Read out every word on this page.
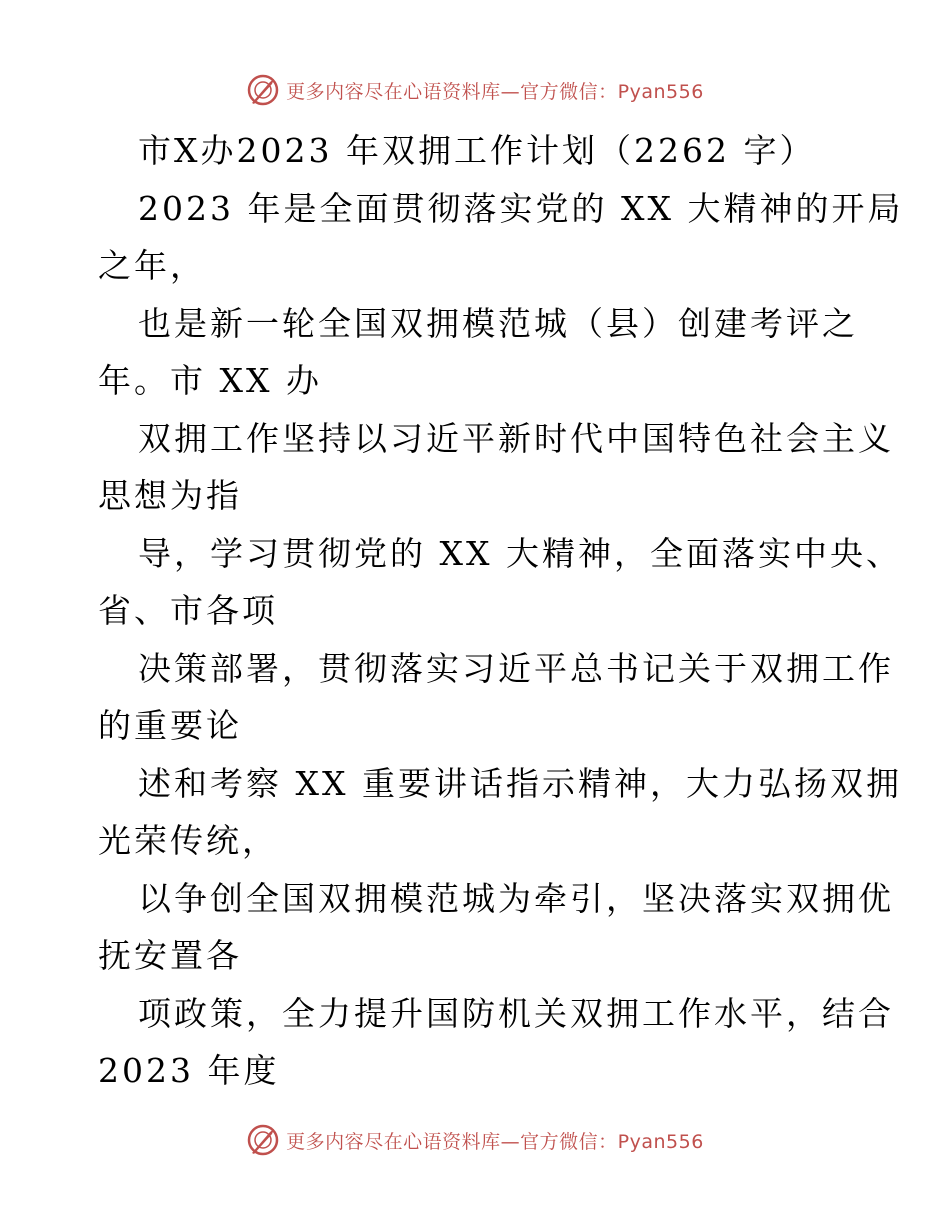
更多内容尽在心语资料库—官方微信：Pyan556

市X办2023 年双拥工作计划（2262 字）

2023 年是全面贯彻落实党的 XX 大精神的开局

之年，

也是新一轮全国双拥模范城（县）创建考评之

年。市 XX 办

双拥工作坚持以习近平新时代中国特色社会主义

思想为指

导，学习贯彻党的 XX 大精神，全面落实中央、

省、市各项

决策部署，贯彻落实习近平总书记关于双拥工作

的重要论

述和考察 XX 重要讲话指示精神，大力弘扬双拥

光荣传统，

以争创全国双拥模范城为牵引，坚决落实双拥优

抚安置各

项政策，全力提升国防机关双拥工作水平，结合

2023 年度

更多内容尽在心语资料库—官方微信：Pyan556
